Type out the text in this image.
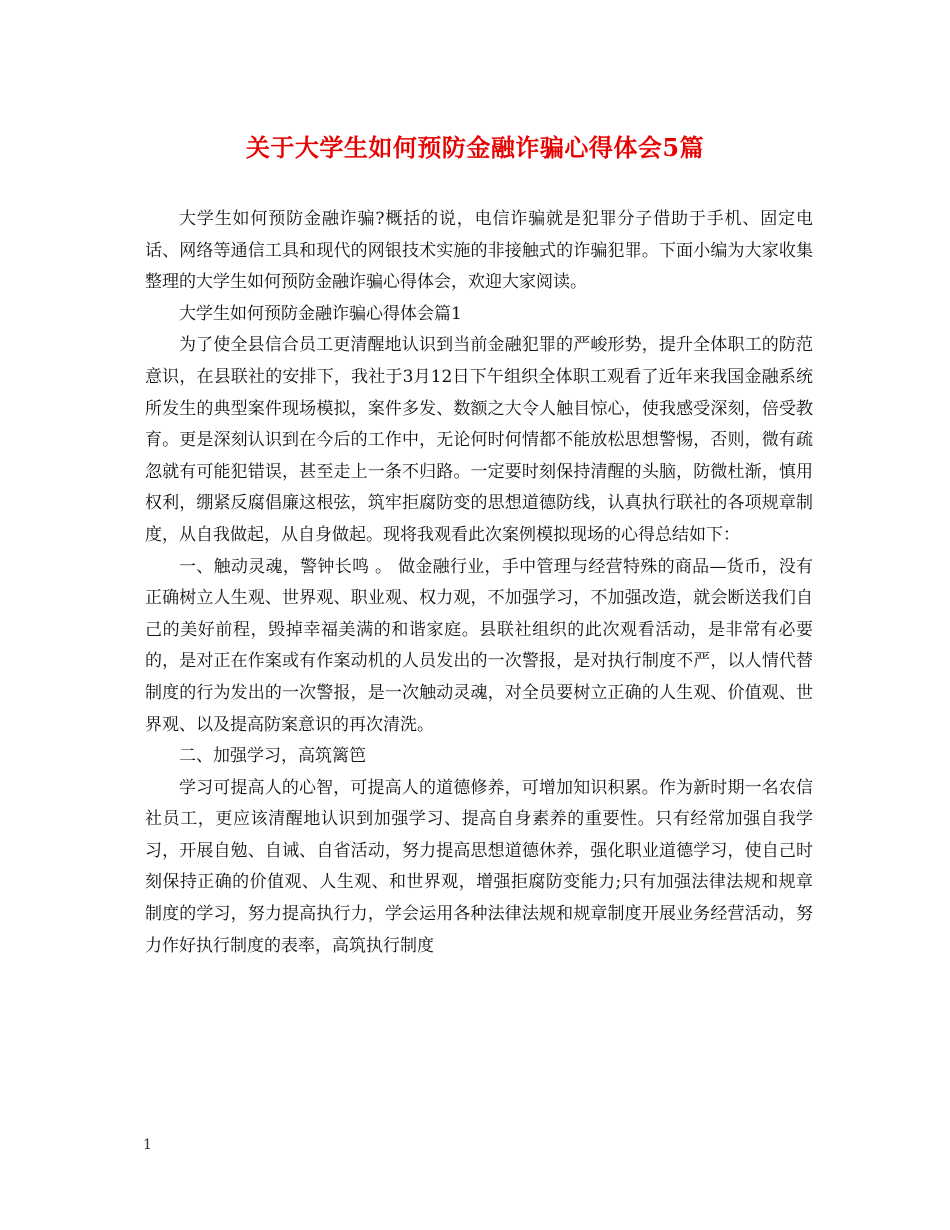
关于大学生如何预防金融诈骗心得体会5篇

大学生如何预防金融诈骗?概括的说，电信诈骗就是犯罪分子借助于手机、固定电话、网络等通信工具和现代的网银技术实施的非接触式的诈骗犯罪。下面小编为大家收集整理的大学生如何预防金融诈骗心得体会，欢迎大家阅读。

大学生如何预防金融诈骗心得体会篇1

为了使全县信合员工更清醒地认识到当前金融犯罪的严峻形势，提升全体职工的防范意识，在县联社的安排下，我社于3月12日下午组织全体职工观看了近年来我国金融系统所发生的典型案件现场模拟，案件多发、数额之大令人触目惊心，使我感受深刻，倍受教育。更是深刻认识到在今后的工作中，无论何时何情都不能放松思想警惕，否则，微有疏忽就有可能犯错误，甚至走上一条不归路。一定要时刻保持清醒的头脑，防微杜渐，慎用权利，绷紧反腐倡廉这根弦，筑牢拒腐防变的思想道德防线，认真执行联社的各项规章制度，从自我做起，从自身做起。现将我观看此次案例模拟现场的心得总结如下：

一、触动灵魂，警钟长鸣 。 做金融行业，手中管理与经营特殊的商品—货币，没有正确树立人生观、世界观、职业观、权力观，不加强学习，不加强改造，就会断送我们自己的美好前程，毁掉幸福美满的和谐家庭。县联社组织的此次观看活动，是非常有必要的，是对正在作案或有作案动机的人员发出的一次警报，是对执行制度不严，以人情代替制度的行为发出的一次警报，是一次触动灵魂，对全员要树立正确的人生观、价值观、世界观、以及提高防案意识的再次清洗。

二、加强学习，高筑篱笆

学习可提高人的心智，可提高人的道德修养，可增加知识积累。作为新时期一名农信社员工，更应该清醒地认识到加强学习、提高自身素养的重要性。只有经常加强自我学习，开展自勉、自诫、自省活动，努力提高思想道德休养，强化职业道德学习，使自己时刻保持正确的价值观、人生观、和世界观，增强拒腐防变能力;只有加强法律法规和规章制度的学习，努力提高执行力，学会运用各种法律法规和规章制度开展业务经营活动，努力作好执行制度的表率，高筑执行制度

1
